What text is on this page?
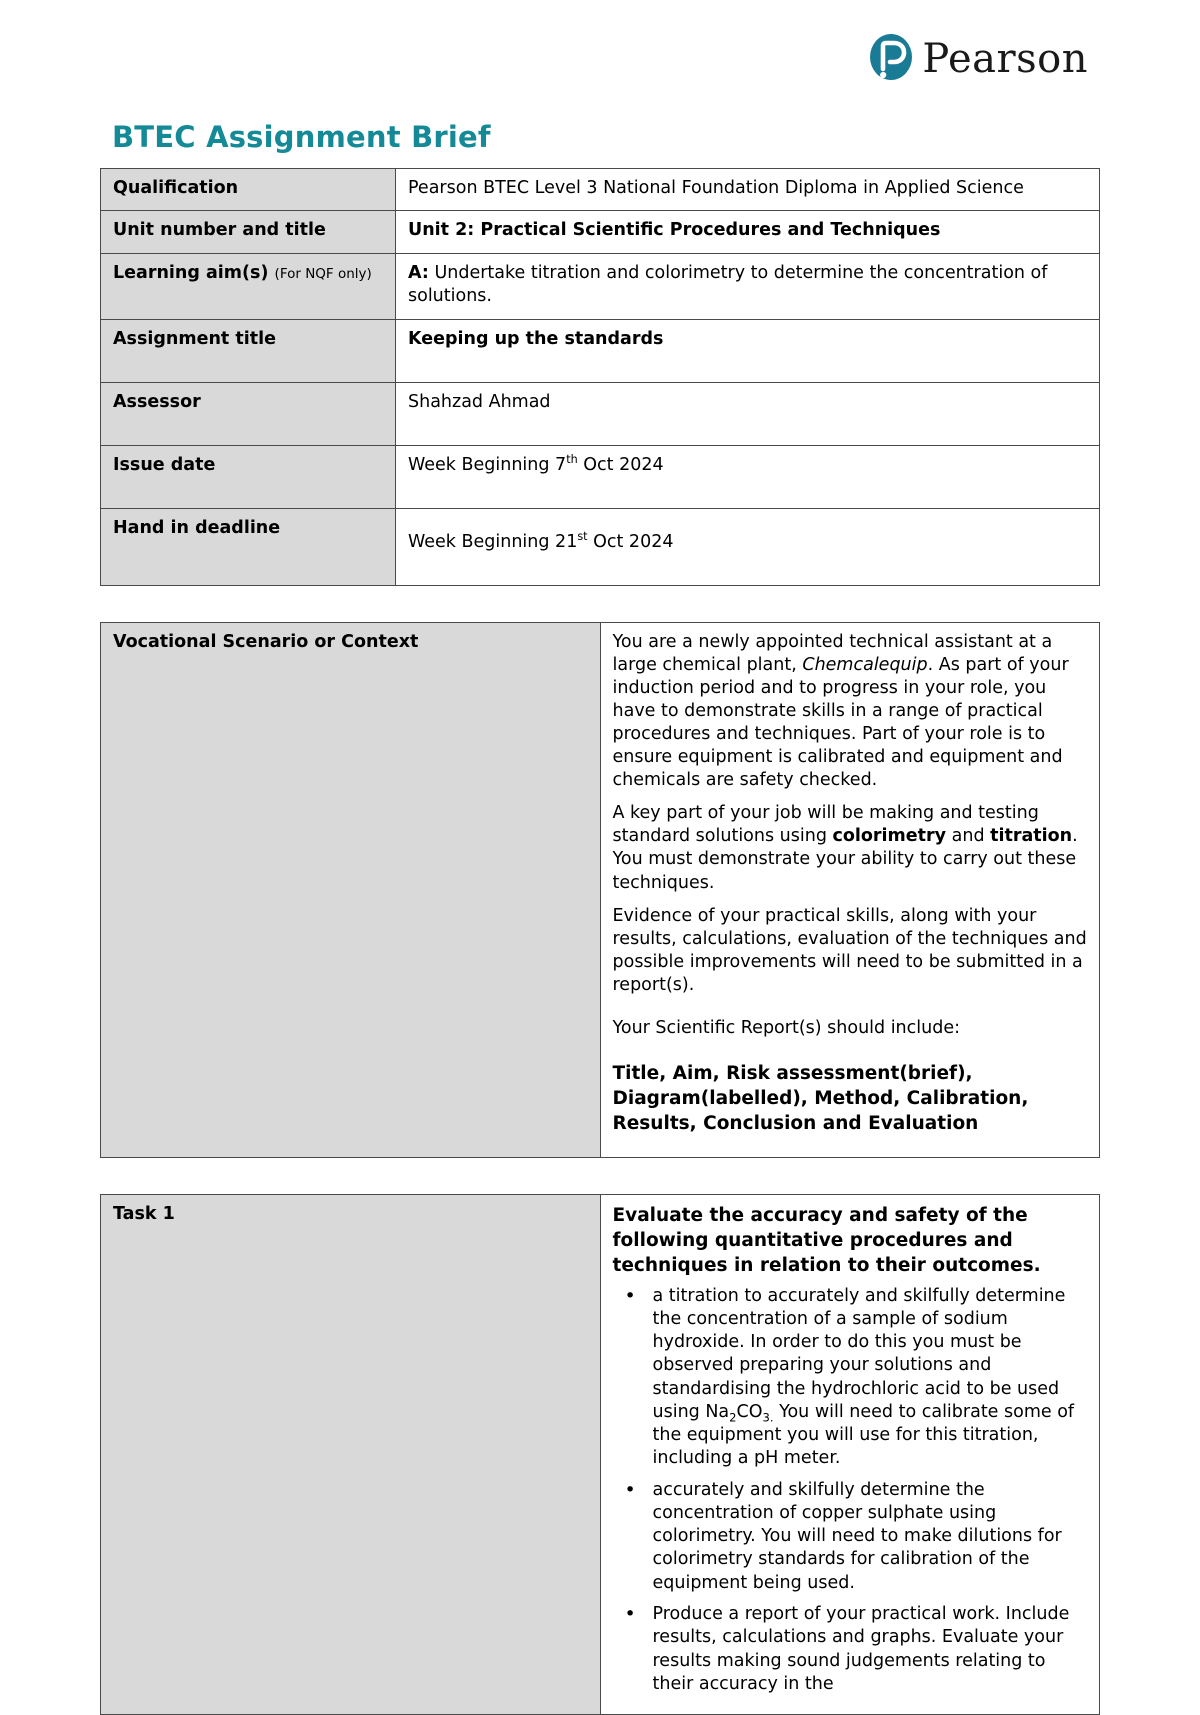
Pearson
BTEC Assignment Brief
Qualification	Pearson BTEC Level 3 National Foundation Diploma in Applied Science
Unit number and title	Unit 2: Practical Scientific Procedures and Techniques
Learning aim(s) (For NQF only)	A: Undertake titration and colorimetry to determine the concentration of solutions.
Assignment title	Keeping up the standards
Assessor	Shahzad Ahmad
Issue date	Week Beginning 7th Oct 2024
Hand in deadline	Week Beginning 21st Oct 2024
Vocational Scenario or Context	You are a newly appointed technical assistant at a large chemical plant, Chemcalequip. As part of your induction period and to progress in your role, you have to demonstrate skills in a range of practical procedures and techniques. Part of your role is to ensure equipment is calibrated and equipment and chemicals are safety checked.

A key part of your job will be making and testing standard solutions using colorimetry and titration. You must demonstrate your ability to carry out these techniques.

Evidence of your practical skills, along with your results, calculations, evaluation of the techniques and possible improvements will need to be submitted in a report(s).

Your Scientific Report(s) should include:

Title, Aim, Risk assessment(brief), Diagram(labelled), Method, Calibration, Results, Conclusion and Evaluation

Task 1	Evaluate the accuracy and safety of the following quantitative procedures and techniques in relation to their outcomes.

• a titration to accurately and skilfully determine the concentration of a sample of sodium hydroxide. In order to do this you must be observed preparing your solutions and standardising the hydrochloric acid to be used using $Na_2CO_{3.}$ You will need to calibrate some of the equipment you will use for this titration, including a pH meter.
• accurately and skilfully determine the concentration of copper sulphate using colorimetry. You will need to make dilutions for colorimetry standards for calibration of the equipment being used.
• Produce a report of your practical work. Include results, calculations and graphs. Evaluate your results making sound judgements relating to their accuracy in the
